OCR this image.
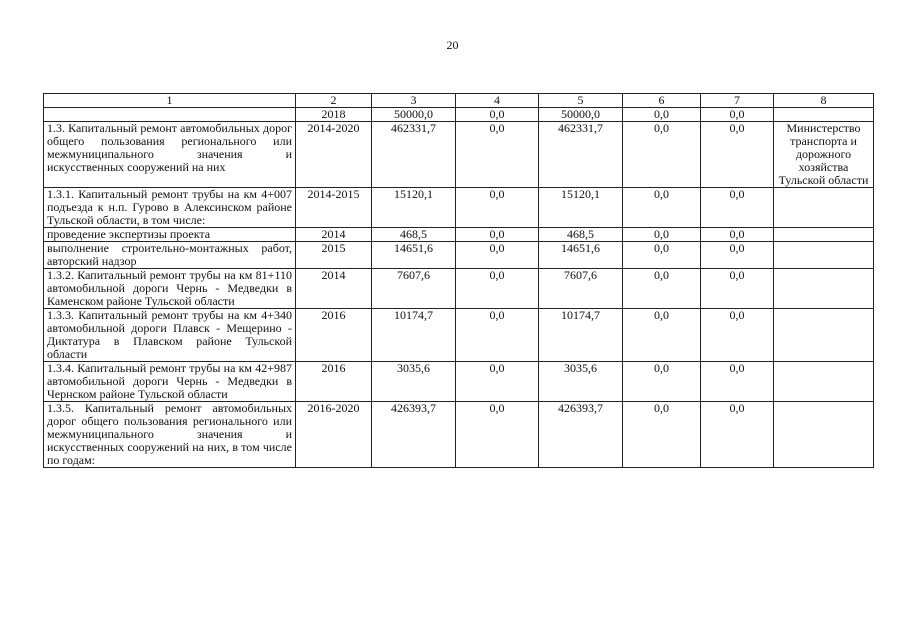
20
1	2	3	4	5	6	7	8
	2018	50000,0	0,0	50000,0	0,0	0,0	
1.3. Капитальный ремонт автомобильных дорог общего пользования регионального или межмуниципального значения и искусственных сооружений на них	2014-2020	462331,7	0,0	462331,7	0,0	0,0	Министерство транспорта и дорожного хозяйства Тульской области
1.3.1. Капитальный ремонт трубы на км 4+007 подъезда к н.п. Гурово в Алексинском районе Тульской области, в том числе:	2014-2015	15120,1	0,0	15120,1	0,0	0,0	
проведение экспертизы проекта	2014	468,5	0,0	468,5	0,0	0,0	
выполнение строительно-монтажных работ, авторский надзор	2015	14651,6	0,0	14651,6	0,0	0,0	
1.3.2. Капитальный ремонт трубы на км 81+110 автомобильной дороги Чернь - Медведки в Каменском районе Тульской области	2014	7607,6	0,0	7607,6	0,0	0,0	
1.3.3. Капитальный ремонт трубы на км 4+340 автомобильной дороги Плавск - Мещерино - Диктатура в Плавском районе Тульской области	2016	10174,7	0,0	10174,7	0,0	0,0	
1.3.4. Капитальный ремонт трубы на км 42+987 автомобильной дороги Чернь - Медведки в Чернском районе Тульской области	2016	3035,6	0,0	3035,6	0,0	0,0	
1.3.5. Капитальный ремонт автомобильных дорог общего пользования регионального или межмуниципального значения и искусственных сооружений на них, в том числе по годам:	2016-2020	426393,7	0,0	426393,7	0,0	0,0	
